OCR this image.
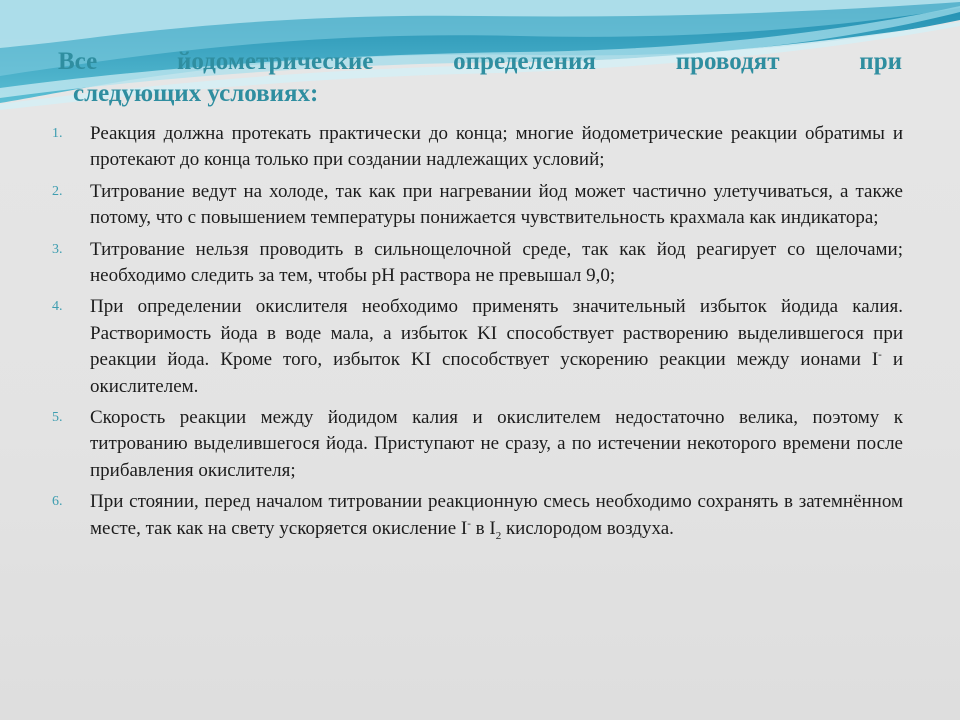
Все йодометрические определения проводят при
следующих условиях:
1. Реакция должна протекать практически до конца; многие йодометрические реакции обратимы и протекают до конца только при создании надлежащих условий;
2. Титрование ведут на холоде, так как при нагревании йод может частично улетучиваться, а также потому, что с повышением температуры понижается чувствительность крахмала как индикатора;
3. Титрование нельзя проводить в сильнощелочной среде, так как йод реагирует со щелочами; необходимо следить за тем, чтобы pH раствора не превышал 9,0;
4. При определении окислителя необходимо применять значительный избыток йодида калия. Растворимость йода в воде мала, а избыток KI способствует растворению выделившегося при реакции йода. Кроме того, избыток KI способствует ускорению реакции между ионами I- и окислителем.
5. Скорость реакции между йодидом калия и окислителем недостаточно велика, поэтому к титрованию выделившегося йода. Приступают не сразу, а по истечении некоторого времени после прибавления окислителя;
6. При стоянии, перед началом титровании реакционную смесь необходимо сохранять в затемнённом месте, так как на свету ускоряется окисление I- в $I_2$ кислородом воздуха.
